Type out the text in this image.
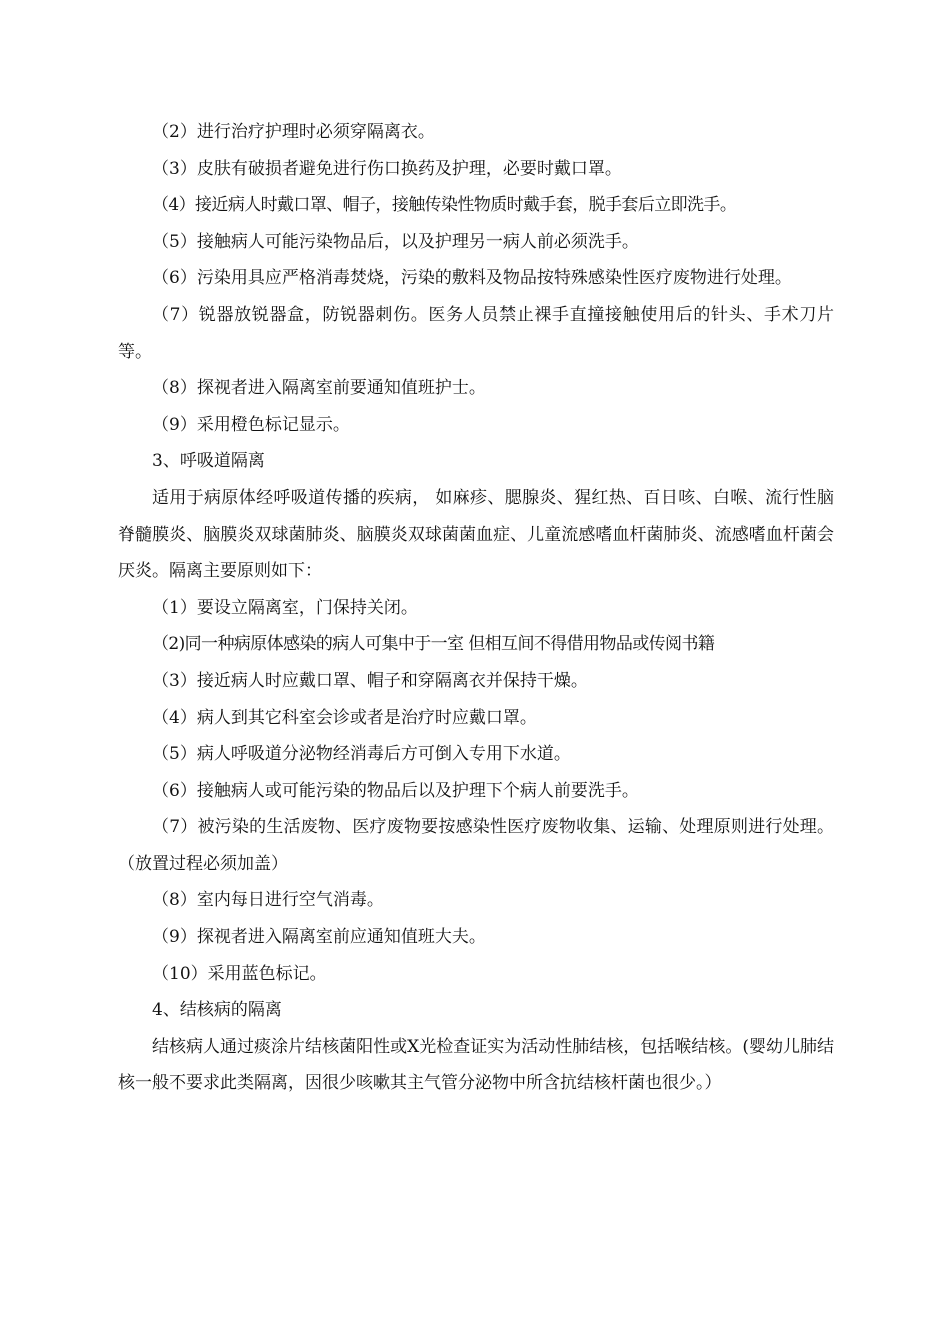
（2）进行治疗护理时必须穿隔离衣。

（3）皮肤有破损者避免进行伤口换药及护理，必要时戴口罩。

（4）接近病人时戴口罩、帽子，接触传染性物质时戴手套，脱手套后立即洗手。

（5）接触病人可能污染物品后，以及护理另一病人前必须洗手。

（6）污染用具应严格消毒焚烧，污染的敷料及物品按特殊感染性医疗废物进行处理。

（7）锐器放锐器盒，防锐器刺伤。医务人员禁止裸手直撞接触使用后的针头、手术刀片等。

（8）探视者进入隔离室前要通知值班护士。

（9）采用橙色标记显示。

3、呼吸道隔离

适用于病原体经呼吸道传播的疾病， 如麻疹、腮腺炎、猩红热、百日咳、白喉、流行性脑脊髓膜炎、脑膜炎双球菌肺炎、脑膜炎双球菌菌血症、儿童流感嗜血杆菌肺炎、流感嗜血杆菌会厌炎。隔离主要原则如下：

（1）要设立隔离室，门保持关闭。

（2)同一种病原体感染的病人可集中于一室 但相互间不得借用物品或传阅书籍

（3）接近病人时应戴口罩、帽子和穿隔离衣并保持干燥。

（4）病人到其它科室会诊或者是治疗时应戴口罩。

（5）病人呼吸道分泌物经消毒后方可倒入专用下水道。

（6）接触病人或可能污染的物品后以及护理下个病人前要洗手。

（7）被污染的生活废物、医疗废物要按感染性医疗废物收集、运输、处理原则进行处理。（放置过程必须加盖）

（8）室内每日进行空气消毒。

（9）探视者进入隔离室前应通知值班大夫。

（10）采用蓝色标记。

4、结核病的隔离

结核病人通过痰涂片结核菌阳性或X光检查证实为活动性肺结核，包括喉结核。(婴幼儿肺结核一般不要求此类隔离，因很少咳嗽其主气管分泌物中所含抗结核杆菌也很少。）
